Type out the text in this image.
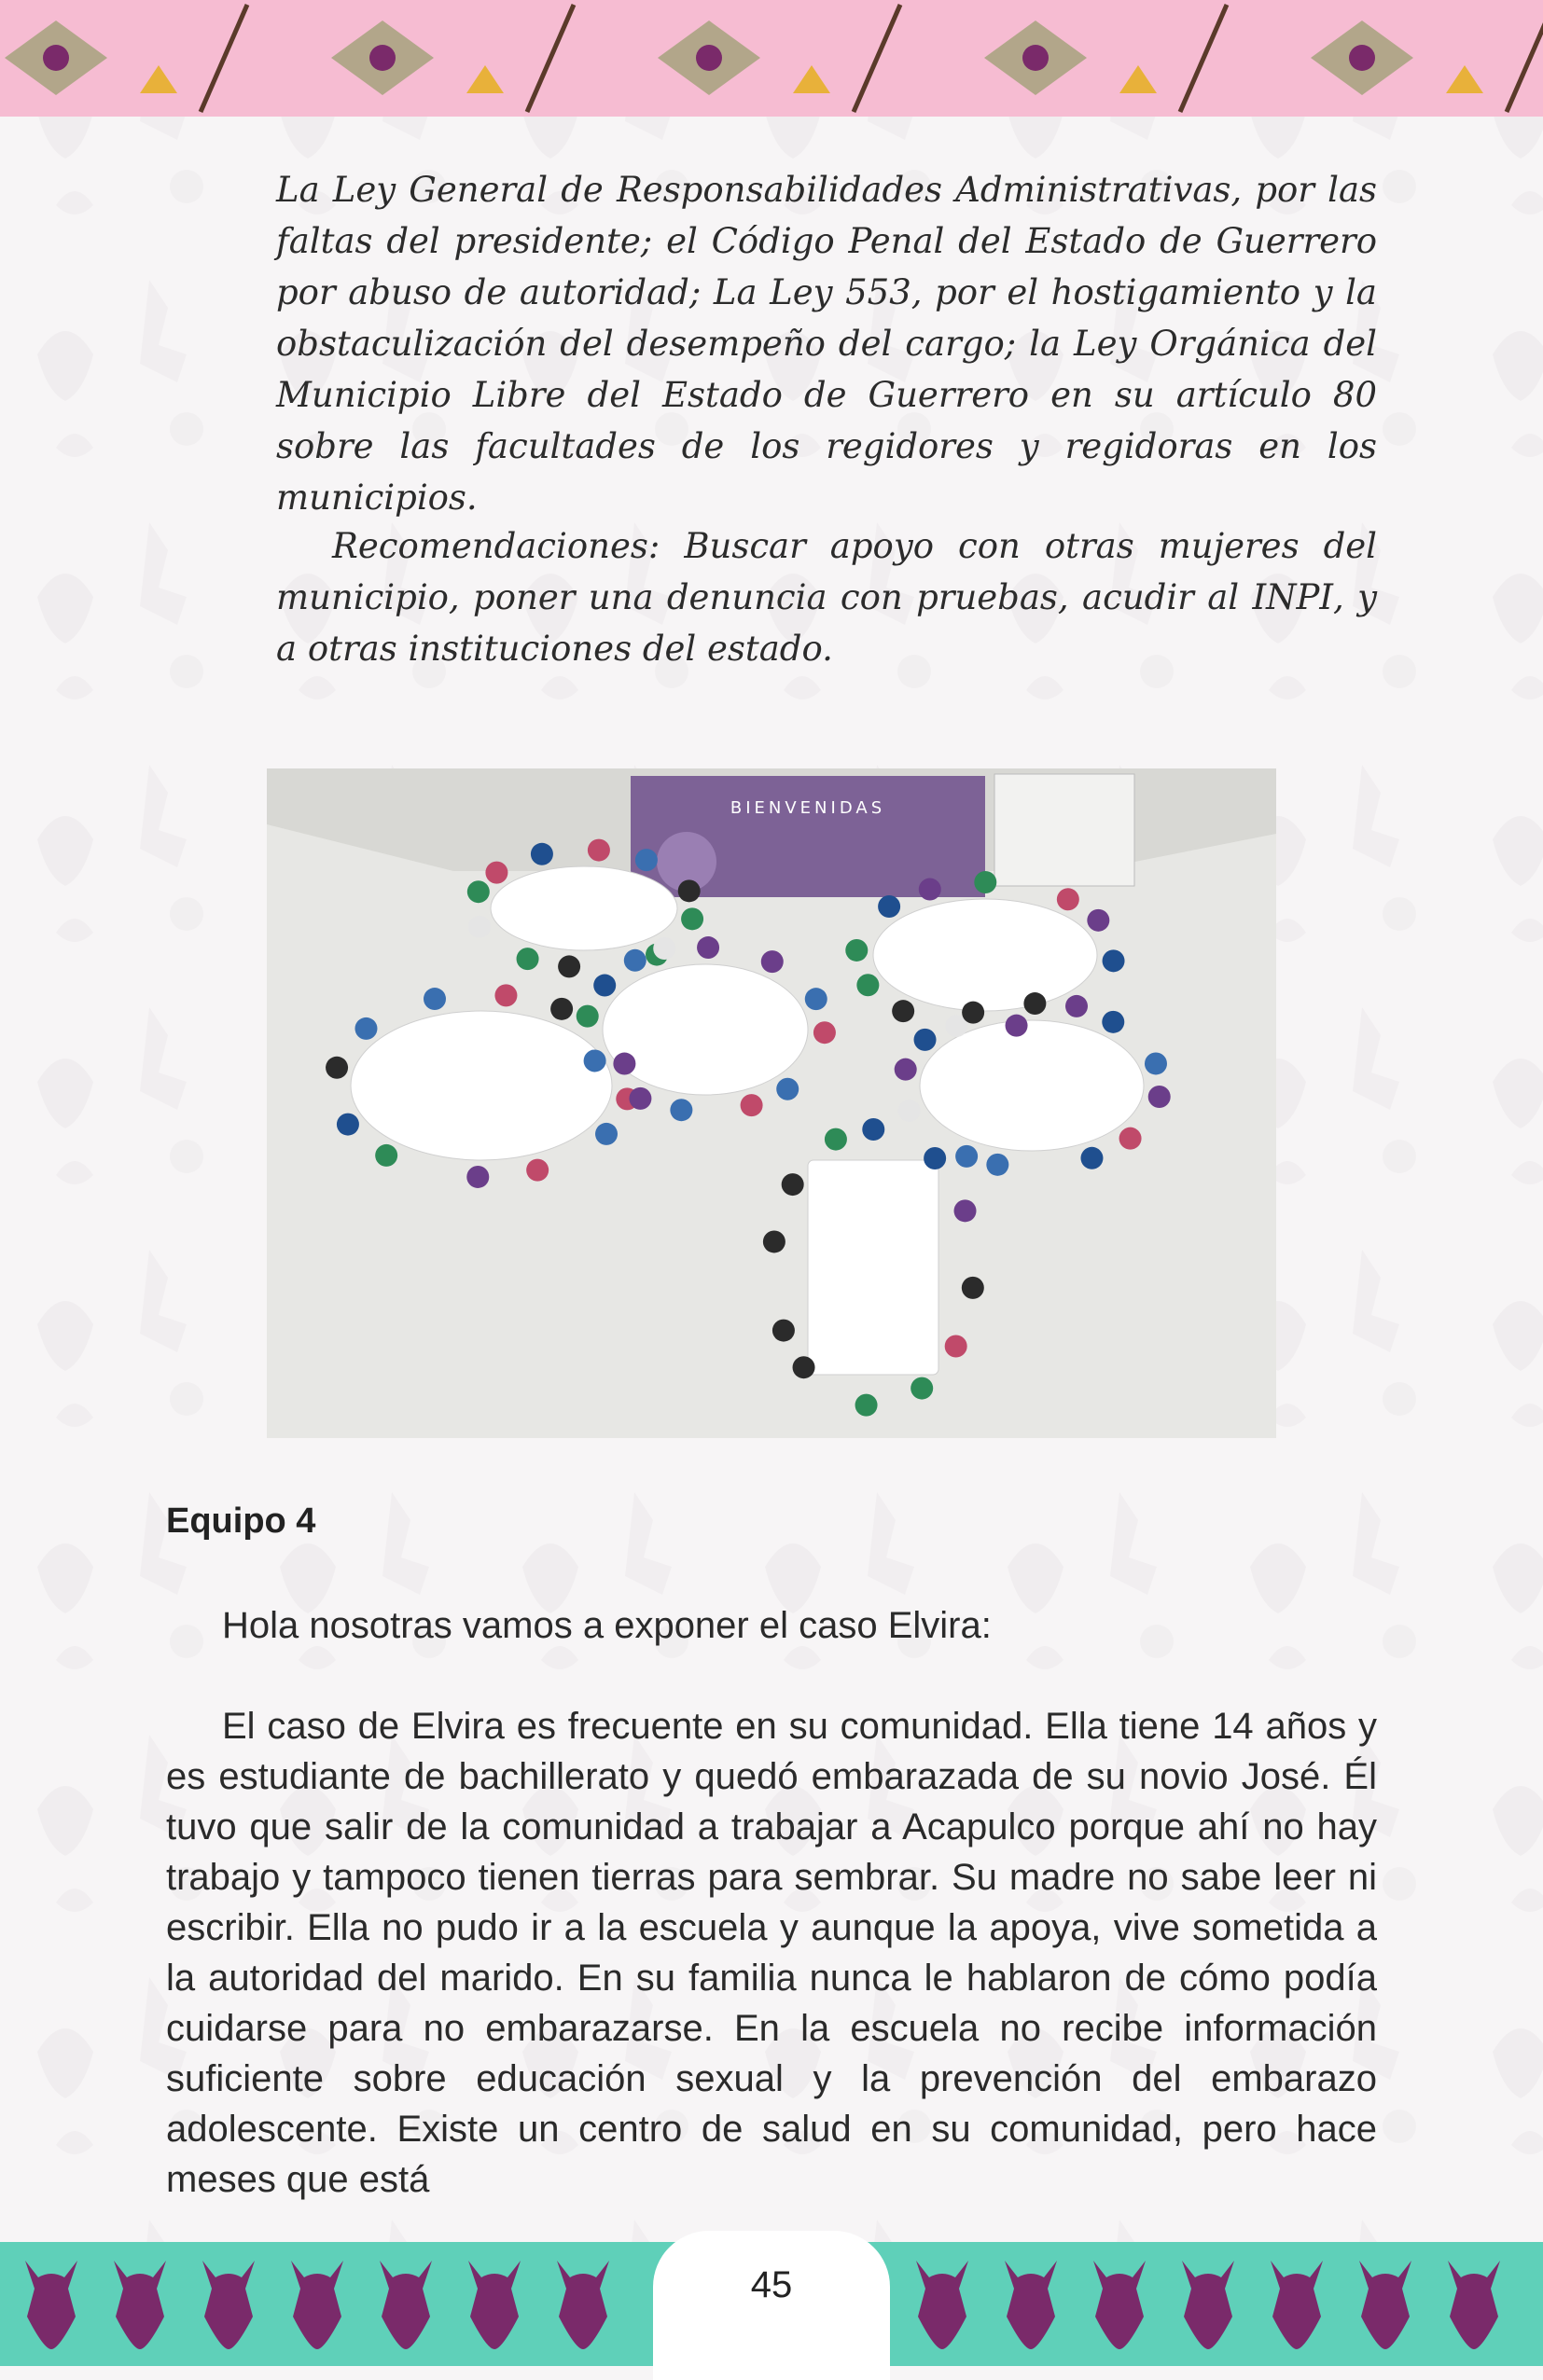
La Ley General de Responsabilidades Administrativas, por las faltas del presidente; el Código Penal del Estado de Guerrero por abuso de autoridad; La Ley 553, por el hostigamiento y la obstaculización del desempeño del cargo; la Ley Orgánica del Municipio Libre del Estado de Guerrero en su artículo 80 sobre las facultades de los regidores y regidoras en los municipios.

Recomendaciones: Buscar apoyo con otras mujeres del municipio, poner una denuncia con pruebas, acudir al INPI, y a otras instituciones del estado.

BIENVENIDAS
Equipo 4

Hola nosotras vamos a exponer el caso Elvira:

El caso de Elvira es frecuente en su comunidad. Ella tiene 14 años y es estudiante de bachillerato y quedó embarazada de su novio José. Él tuvo que salir de la comunidad a trabajar a Acapulco porque ahí no hay trabajo y tampoco tienen tierras para sembrar. Su madre no sabe leer ni escribir. Ella no pudo ir a la escuela y aunque la apoya, vive sometida a la autoridad del marido. En su familia nunca le hablaron de cómo podía cuidarse para no embarazarse. En la escuela no recibe información suficiente sobre educación sexual y la prevención del embarazo adolescente. Existe un centro de salud en su comunidad, pero hace meses que está

45
